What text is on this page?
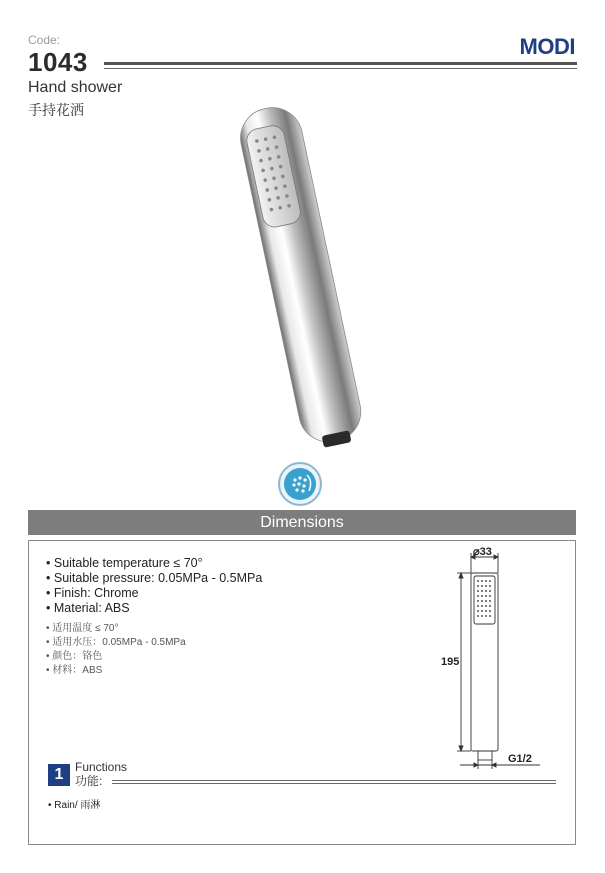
Code:
1043
MODI
Hand shower
手持花洒
Dimensions
• Suitable temperature ≤ 70°
• Suitable pressure: 0.05MPa - 0.5MPa
• Finish: Chrome
• Material: ABS
• 适用温度 ≤ 70°
• 适用水压：0.05MPa - 0.5MPa
• 颜色：铬色
• 材料：ABS
⌀33
195
G1/2
1 Functions
功能:
• Rain/ 雨淋
